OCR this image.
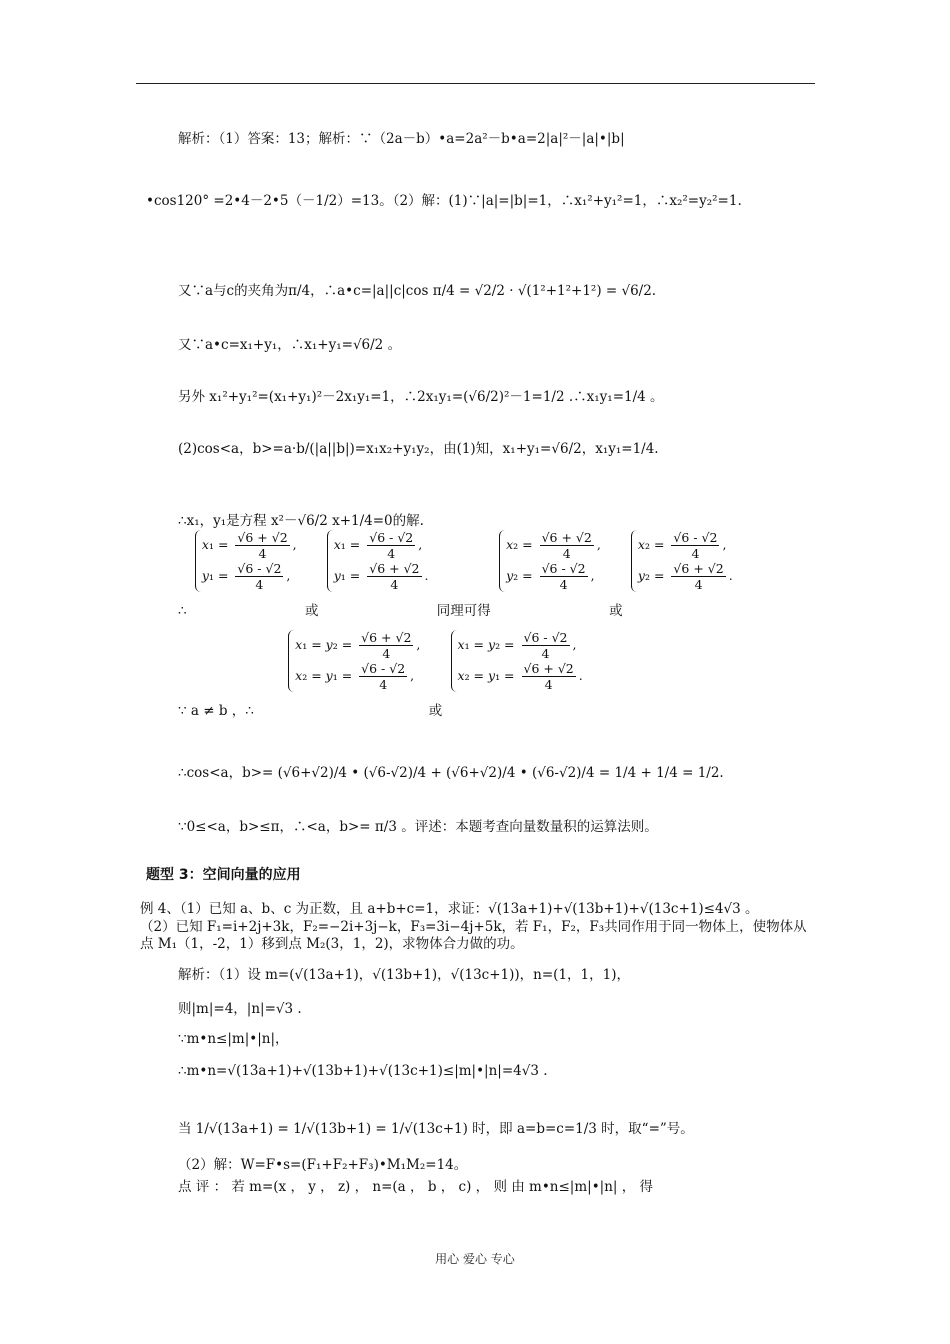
解析：（1）答案：13；解析：∵（2a－b）•a=2a²－b•a=2|a|²－|a|•|b|
•cos120° =2•4－2•5（－1/2）=13。（2）解：(1)∵|a|=|b|=1，∴x₁²+y₁²=1，∴x₂²=y₂²=1.
又∵a与c的夹角为π/4，∴a•c=|a||c|cos π/4 = √2/2 · √(1²+1²+1²) = √6/2.
又∵a•c=x₁+y₁，∴x₁+y₁=√6/2 。
另外 x₁²+y₁²=(x₁+y₁)²－2x₁y₁=1，∴2x₁y₁=(√6/2)²－1=1/2 .∴x₁y₁=1/4 。
(2)cos<a，b>=a·b/(|a||b|)=x₁x₂+y₁y₂，由(1)知，x₁+y₁=√6/2，x₁y₁=1/4.
∴x₁，y₁是方程 x²－√6/2 x+1/4=0的解.
∴
$x_1 = \frac{√6 + √2}{4}$ ,
$y_1 = \frac{√6 - √2}{4}$ ,
或
$x_1 = \frac{√6 - √2}{4}$ ,
$y_1 = \frac{√6 + √2}{4}$ .
同理可得
$x_2 = \frac{√6 + √2}{4}$ ,
$y_2 = \frac{√6 - √2}{4}$ ,
或
$x_2 = \frac{√6 - √2}{4}$ ,
$y_2 = \frac{√6 + √2}{4}$ .
∵ a ≠ b ，∴
$x_1 = y_2 = \frac{√6 + √2}{4}$ ,
$x_2 = y_1 = \frac{√6 - √2}{4}$ ,
或
$x_1 = y_2 = \frac{√6 - √2}{4}$ ,
$x_2 = y_1 = \frac{√6 + √2}{4}$ .
∴cos<a，b>= (√6+√2)/4 • (√6-√2)/4 + (√6+√2)/4 • (√6-√2)/4 = 1/4 + 1/4 = 1/2.
∵0≤<a，b>≤π，∴<a，b>= π/3 。评述：本题考查向量数量积的运算法则。
题型 3：空间向量的应用
例 4、（1）已知 a、b、c 为正数，且 a+b+c=1，求证：√(13a+1)+√(13b+1)+√(13c+1)≤4√3 。
（2）已知 F₁=i+2j+3k，F₂=−2i+3j−k，F₃=3i−4j+5k，若 F₁，F₂，F₃共同作用于同一物体上，使物体从
点 M₁（1，-2，1）移到点 M₂(3，1，2)，求物体合力做的功。
解析：（1）设 m=(√(13a+1)，√(13b+1)，√(13c+1))，n=(1，1，1)，
则|m|=4，|n|=√3 .
∵m•n≤|m|•|n|，
∴m•n=√(13a+1)+√(13b+1)+√(13c+1)≤|m|•|n|=4√3 .
当 1/√(13a+1) = 1/√(13b+1) = 1/√(13c+1) 时，即 a=b=c=1/3 时，取“=”号。
（2）解：W=F•s=(F₁+F₂+F₃)•M₁M₂=14。
点 评 ： 若 m=(x ， y ， z) ， n=(a ， b ， c) ， 则 由 m•n≤|m|•|n| ， 得
用心 爱心 专心
